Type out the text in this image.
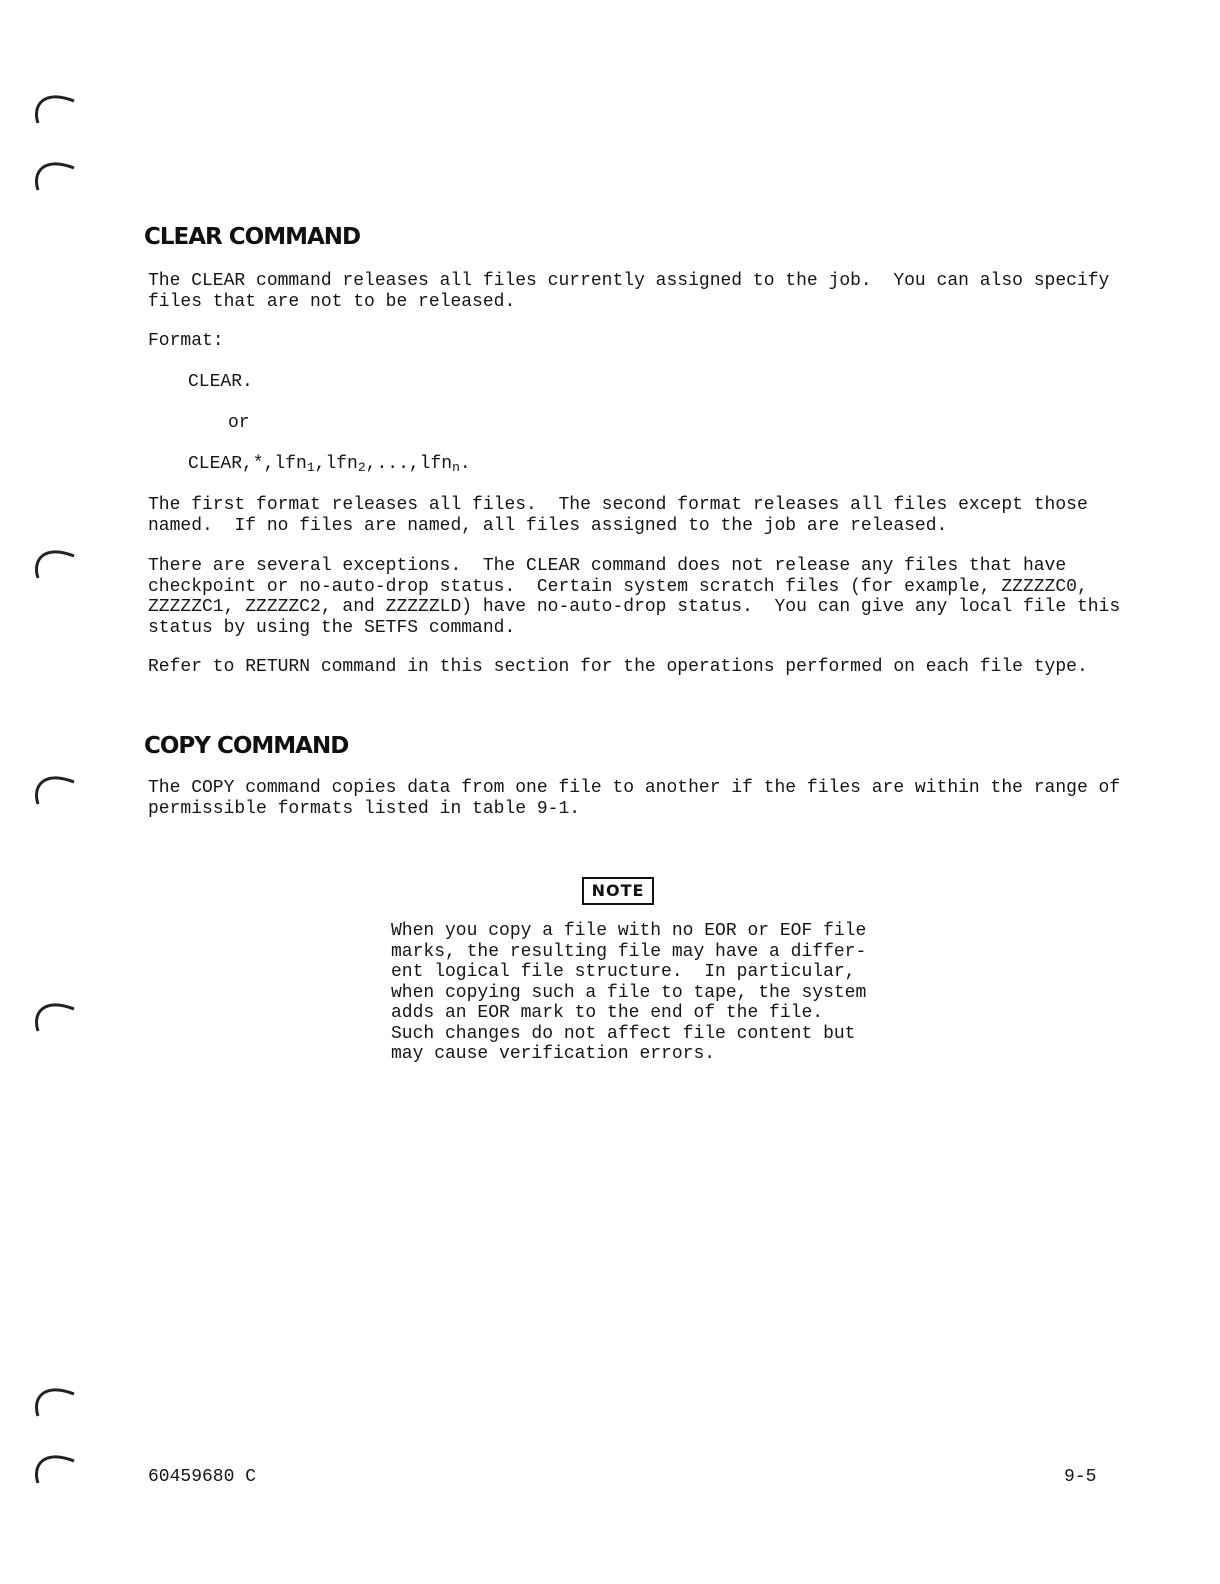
CLEAR COMMAND

The CLEAR command releases all files currently assigned to the job.  You can also specify
files that are not to be released.

Format:

CLEAR.

or

CLEAR,*,lfn$_1$,lfn$_2$,...,lfn$_n$.

The first format releases all files.  The second format releases all files except those
named.  If no files are named, all files assigned to the job are released.

There are several exceptions.  The CLEAR command does not release any files that have
checkpoint or no-auto-drop status.  Certain system scratch files (for example, ZZZZZC0,
ZZZZZC1, ZZZZZC2, and ZZZZZLD) have no-auto-drop status.  You can give any local file this
status by using the SETFS command.

Refer to RETURN command in this section for the operations performed on each file type.

COPY COMMAND

The COPY command copies data from one file to another if the files are within the range of
permissible formats listed in table 9-1.

NOTE

When you copy a file with no EOR or EOF file
marks, the resulting file may have a differ-
ent logical file structure.  In particular,
when copying such a file to tape, the system
adds an EOR mark to the end of the file.
Such changes do not affect file content but
may cause verification errors.

60459680 C	9-5
